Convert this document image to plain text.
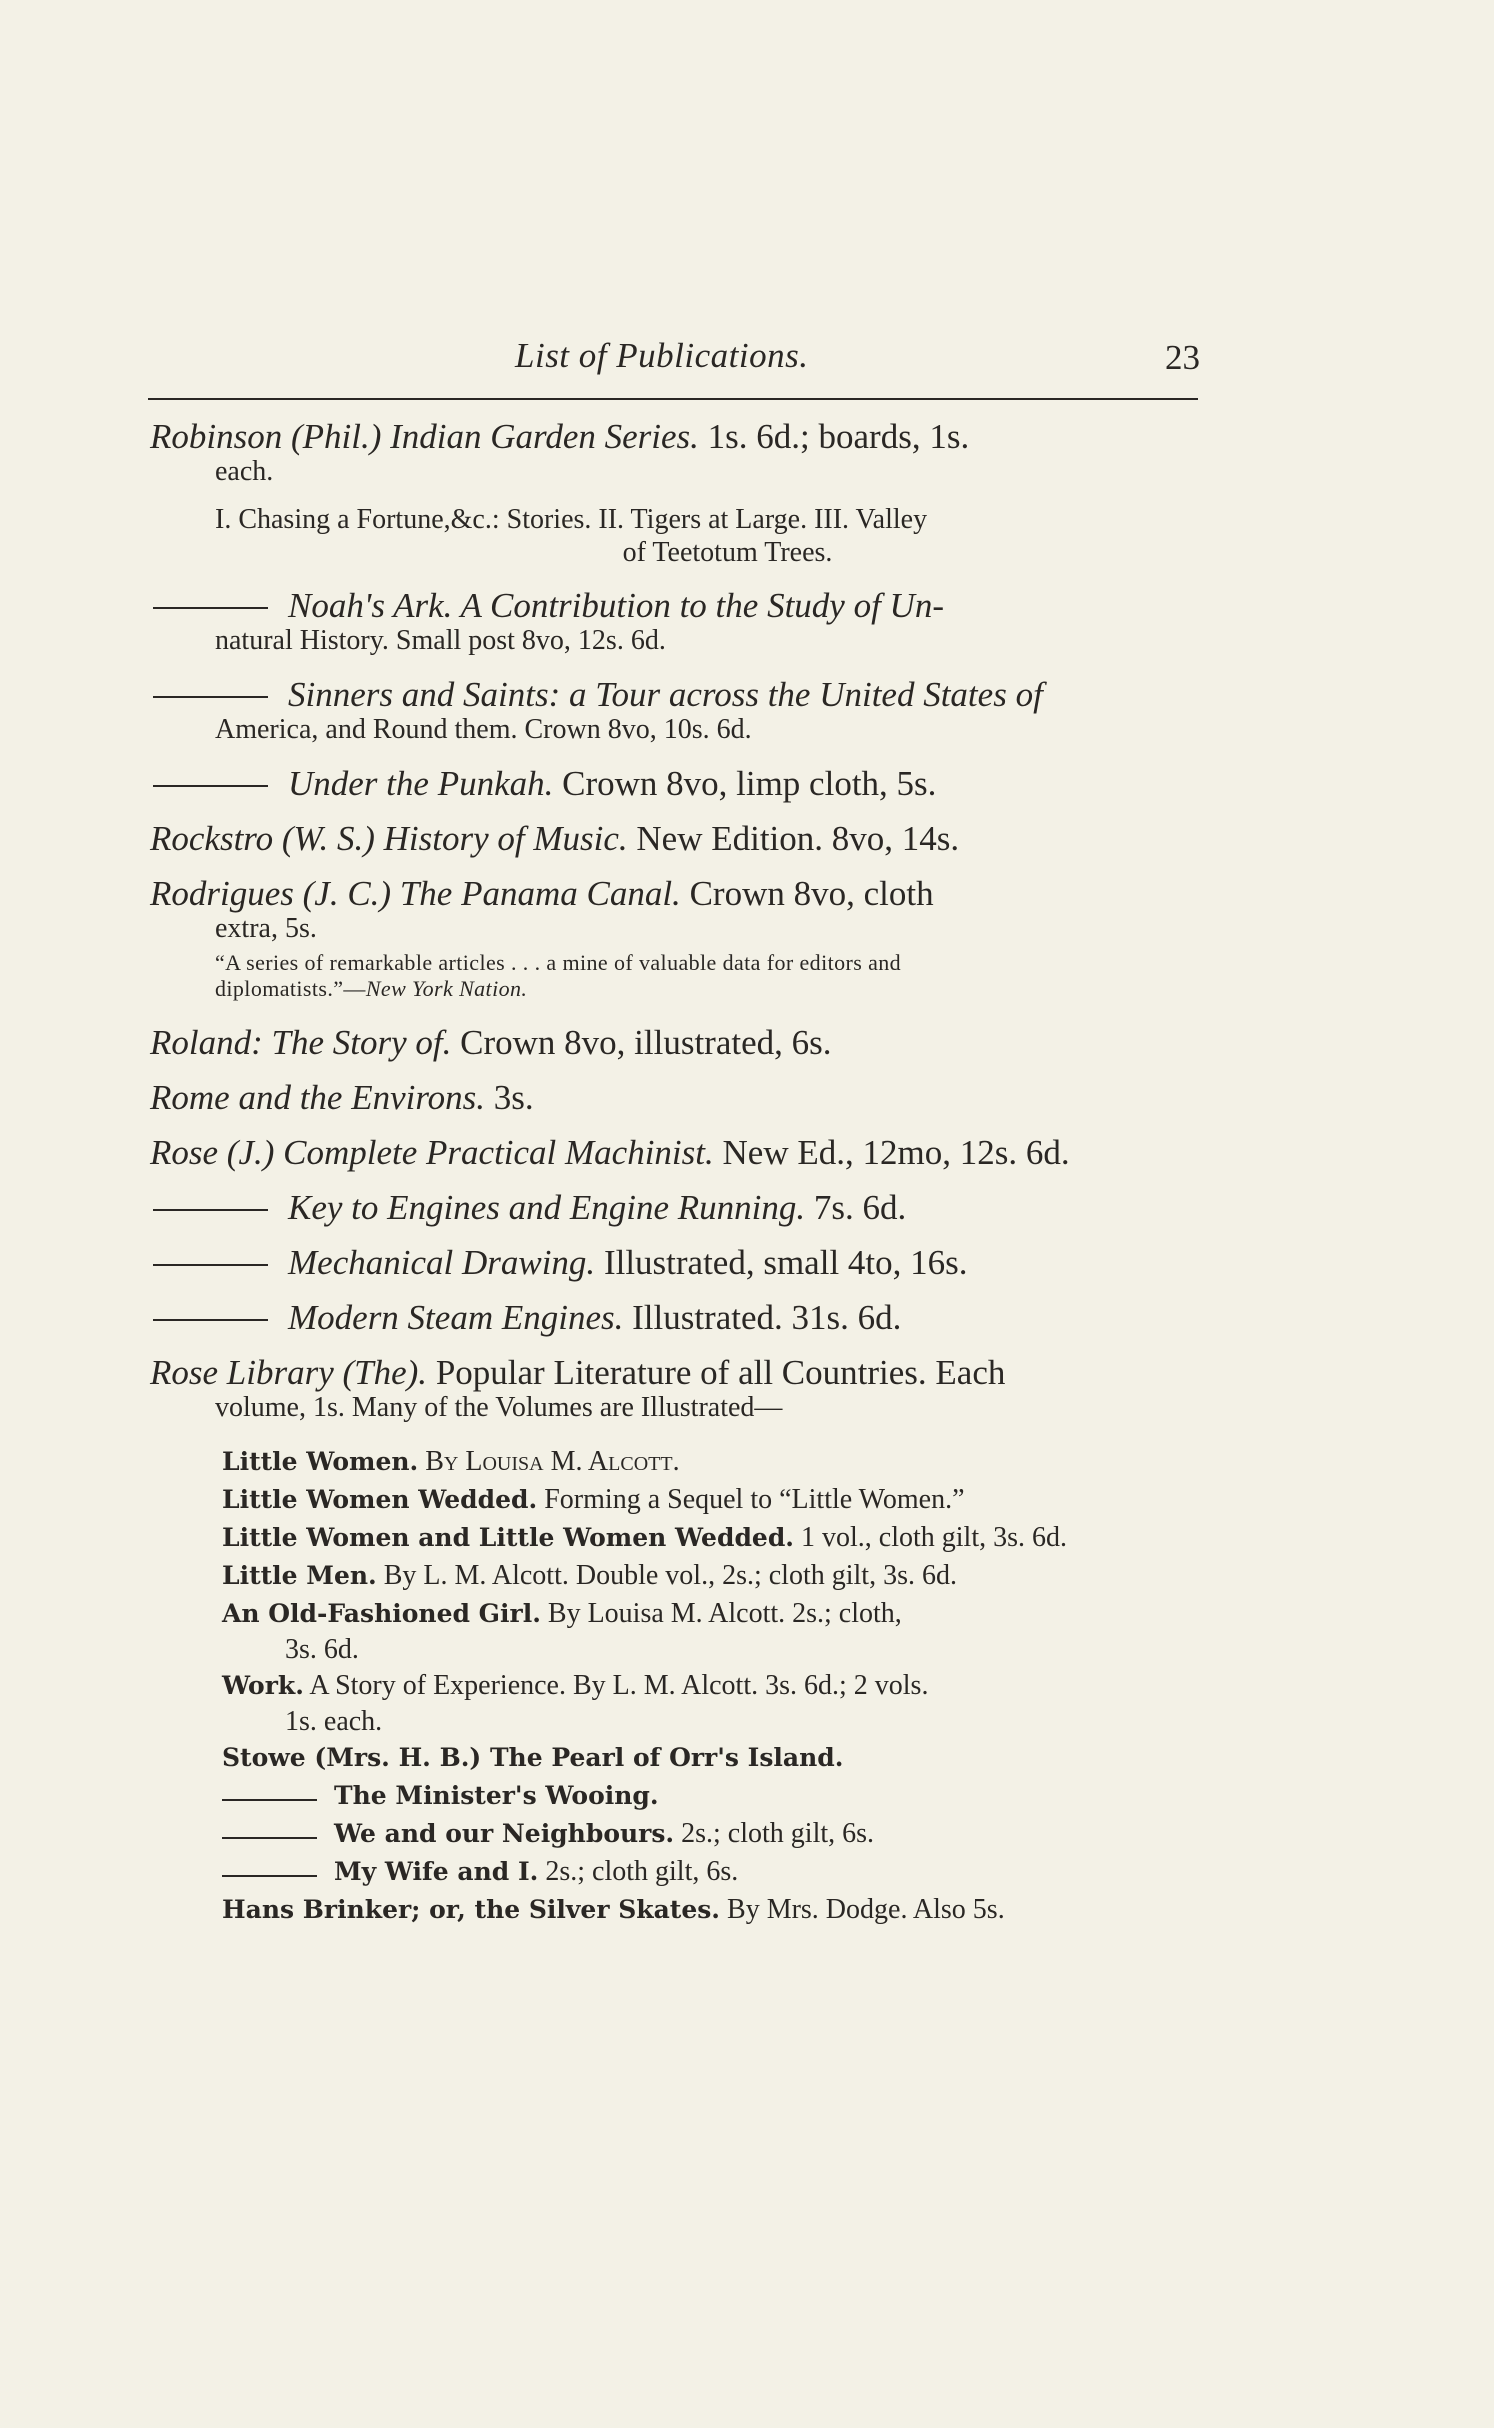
List of Publications.	23

Robinson (Phil.) Indian Garden Series. 1s. 6d.; boards, 1s.
each.

I. Chasing a Fortune,&c.: Stories. II. Tigers at Large. III. Valley
of Teetotum Trees.

Noah's Ark. A Contribution to the Study of Un-

natural History. Small post 8vo, 12s. 6d.

Sinners and Saints: a Tour across the United States of

America, and Round them. Crown 8vo, 10s. 6d.

Under the Punkah. Crown 8vo, limp cloth, 5s.

Rockstro (W. S.) History of Music. New Edition. 8vo, 14s.

Rodrigues (J. C.) The Panama Canal. Crown 8vo, cloth
extra, 5s.

“A series of remarkable articles . . . a mine of valuable data for editors and
diplomatists.”—New York Nation.

Roland: The Story of. Crown 8vo, illustrated, 6s.

Rome and the Environs. 3s.

Rose (J.) Complete Practical Machinist. New Ed., 12mo, 12s. 6d.

Key to Engines and Engine Running. 7s. 6d.

Mechanical Drawing. Illustrated, small 4to, 16s.

Modern Steam Engines. Illustrated. 31s. 6d.

Rose Library (The). Popular Literature of all Countries. Each
volume, 1s. Many of the Volumes are Illustrated—

Little Women. By Louisa M. Alcott.
Little Women Wedded. Forming a Sequel to “Little Women.”
Little Women and Little Women Wedded. 1 vol., cloth gilt, 3s. 6d.
Little Men. By L. M. Alcott. Double vol., 2s.; cloth gilt, 3s. 6d.
An Old-Fashioned Girl. By Louisa M. Alcott. 2s.; cloth,
3s. 6d.
Work. A Story of Experience. By L. M. Alcott. 3s. 6d.; 2 vols.
1s. each.
Stowe (Mrs. H. B.) The Pearl of Orr's Island.
The Minister's Wooing.
We and our Neighbours. 2s.; cloth gilt, 6s.
My Wife and I. 2s.; cloth gilt, 6s.
Hans Brinker; or, the Silver Skates. By Mrs. Dodge. Also 5s.
